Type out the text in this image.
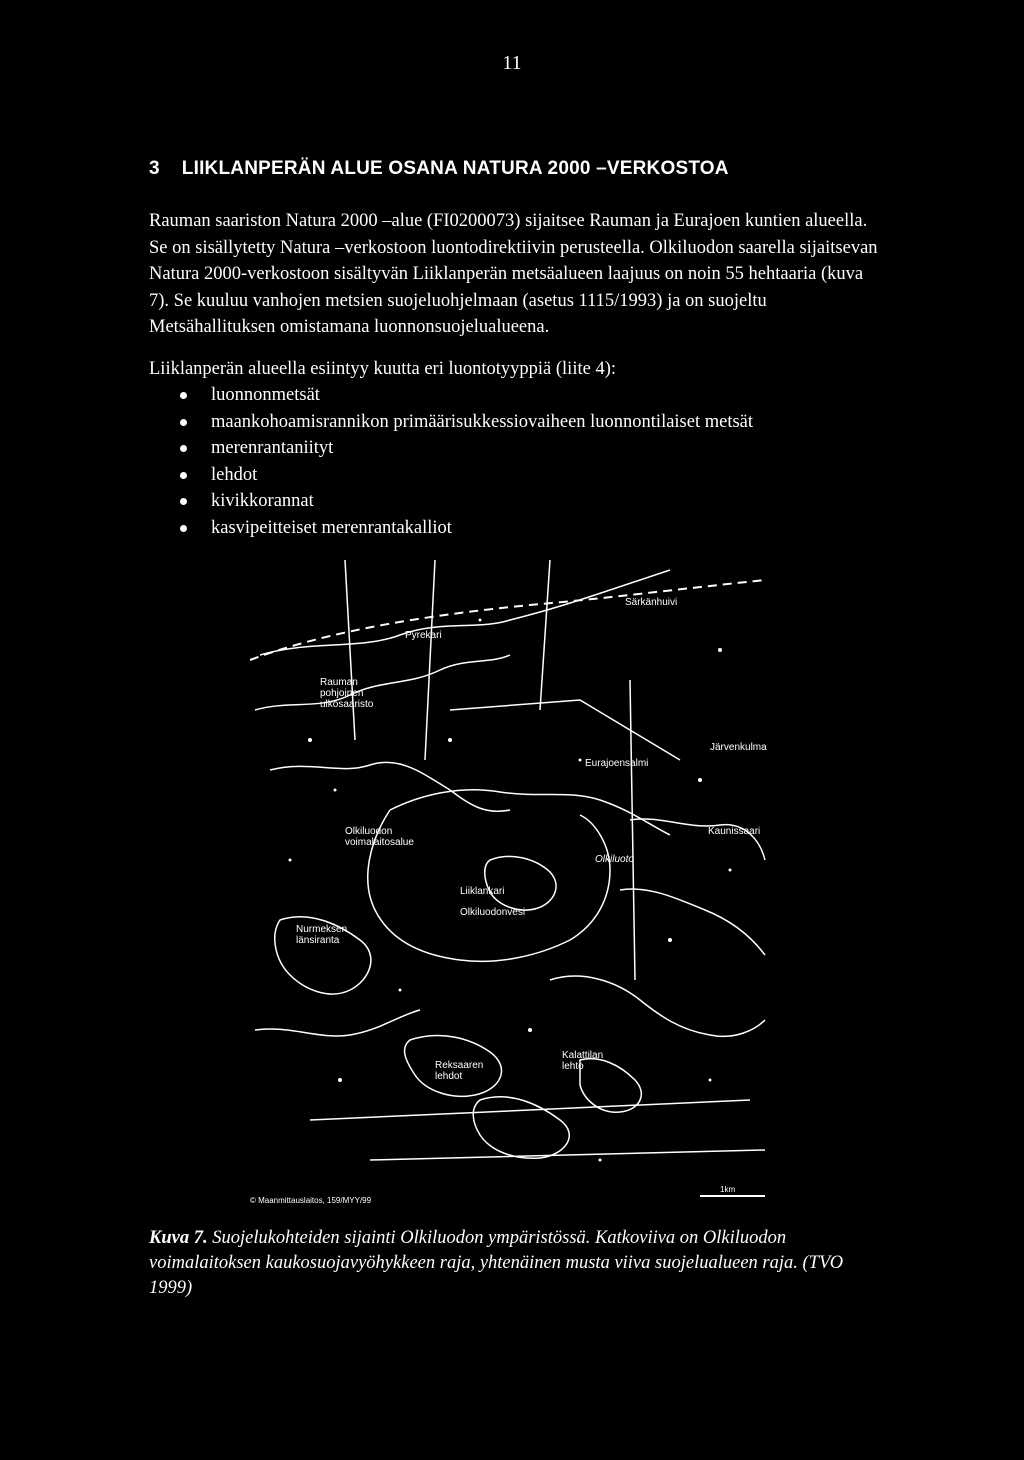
11
3 LIIKLANPERÄN ALUE OSANA NATURA 2000 –VERKOSTOA

Rauman saariston Natura 2000 –alue (FI0200073) sijaitsee Rauman ja Eurajoen kuntien alueella. Se on sisällytetty Natura –verkostoon luontodirektiivin perusteella. Olkiluodon saarella sijaitsevan Natura 2000-verkostoon sisältyvän Liiklanperän metsäalueen laajuus on noin 55 hehtaaria (kuva 7). Se kuuluu vanhojen metsien suojeluohjelmaan (asetus 1115/1993) ja on suojeltu Metsähallituksen omistamana luonnonsuojelualueena.

Liiklanperän alueella esiintyy kuutta eri luontotyyppiä (liite 4):

luonnonmetsät
maankohoamisrannikon primäärisukkessiovaiheen luonnontilaiset metsät
merenrantaniityt
lehdot
kivikkorannat
kasvipeitteiset merenrantakalliot
Särkänhuivi
Pyrekari
Rauman
pohjoinen
ulkosaaristo
Järvenkulma
Eurajoensalmi
Kaunissaari
Olkiluodon
voimalaitosalue
Olkiluoto
Liiklankari
Olkiluodonvesi
Nurmeksen
länsiranta
Reksaaren
lehdot
Kalattilan
lehto
© Maanmittauslaitos, 159/MYY/99
1km

Kuva 7. Suojelukohteiden sijainti Olkiluodon ympäristössä. Katkoviiva on Olkiluodon voimalaitoksen kaukosuojavyöhykkeen raja, yhtenäinen musta viiva suojelualueen raja. (TVO 1999)
